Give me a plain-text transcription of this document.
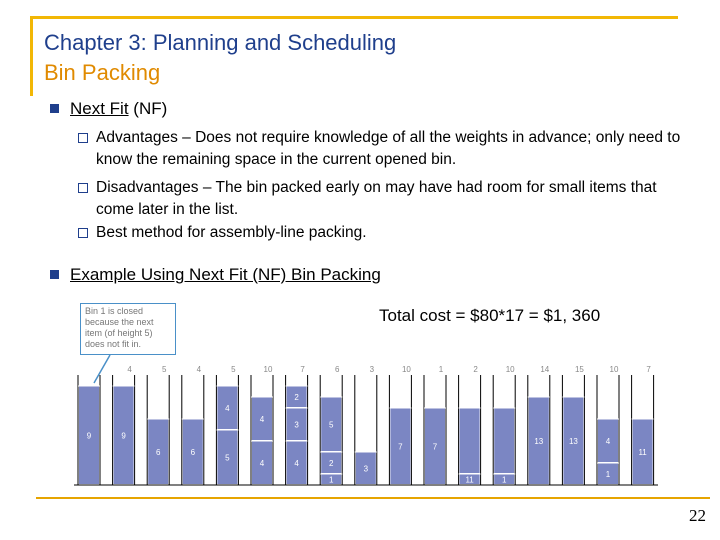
Chapter 3: Planning and Scheduling
Bin Packing
Next Fit (NF)
Advantages – Does not require knowledge of all the weights in advance; only need to know the remaining space in the current opened bin.
Disadvantages – The bin packed early on may have had room for small items that come later in the list.
Best method for assembly-line packing.
Example Using Next Fit (NF) Bin Packing
Bin 1 is closed because the next item (of height 5) does not fit in.
Total cost = $80*17 = $1, 360
9	9
4
6
5
6
4
5
4
5
4
4
10
4
3
2
7
1
2
5
6
3
3
7
10
7
1
11
2
1
10
13
14
13
15
1
4
10
11
7
22
